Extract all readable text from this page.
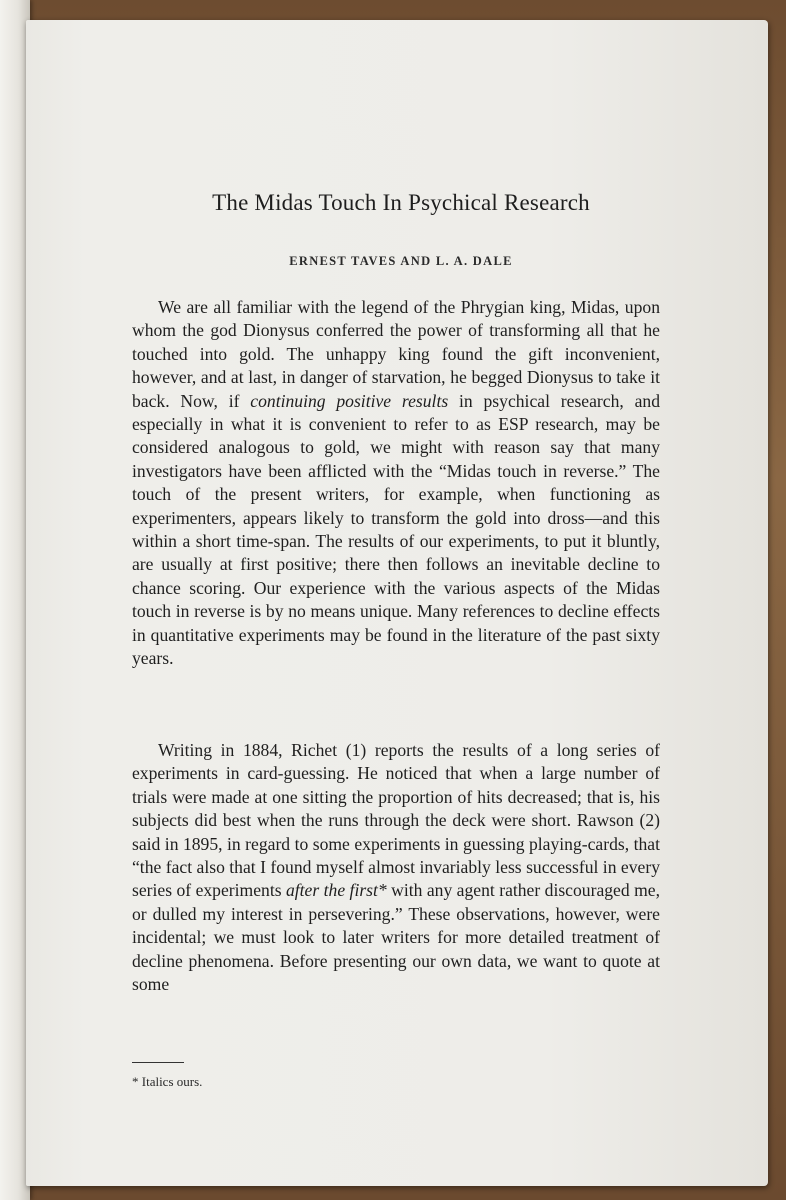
The Midas Touch In Psychical Research
ERNEST TAVES AND L. A. DALE

We are all familiar with the legend of the Phrygian king, Midas, upon whom the god Dionysus conferred the power of transforming all that he touched into gold. The unhappy king found the gift inconvenient, however, and at last, in danger of starvation, he begged Dionysus to take it back. Now, if continuing positive results in psychical research, and especially in what it is convenient to refer to as ESP research, may be considered analogous to gold, we might with reason say that many investigators have been afflicted with the “Midas touch in reverse.” The touch of the present writers, for example, when functioning as experimenters, appears likely to transform the gold into dross—and this within a short time-span. The results of our experiments, to put it bluntly, are usually at first positive; there then follows an inevitable decline to chance scoring. Our experience with the various aspects of the Midas touch in reverse is by no means unique. Many references to decline effects in quantitative experiments may be found in the literature of the past sixty years.

Writing in 1884, Richet (1) reports the results of a long series of experiments in card-guessing. He noticed that when a large number of trials were made at one sitting the proportion of hits decreased; that is, his subjects did best when the runs through the deck were short. Rawson (2) said in 1895, in regard to some experiments in guessing playing-cards, that “the fact also that I found myself almost invariably less successful in every series of experiments after the first* with any agent rather discouraged me, or dulled my interest in persevering.” These observations, however, were incidental; we must look to later writers for more detailed treatment of decline phenomena. Before presenting our own data, we want to quote at some

* Italics ours.
